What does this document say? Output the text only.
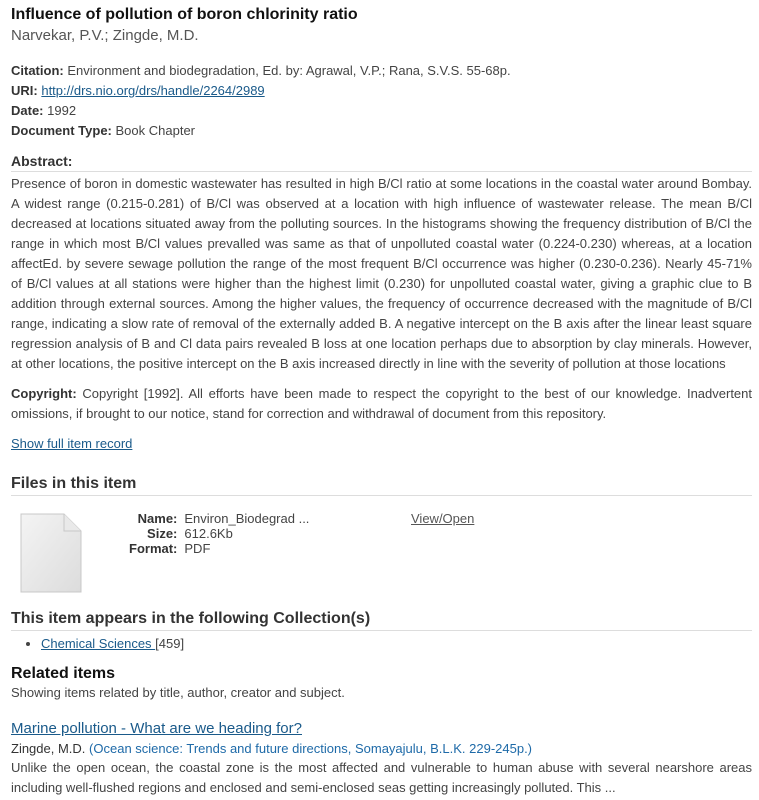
Influence of pollution of boron chlorinity ratio
Narvekar, P.V.; Zingde, M.D.
Citation: Environment and biodegradation, Ed. by: Agrawal, V.P.; Rana, S.V.S. 55-68p.
URI: http://drs.nio.org/drs/handle/2264/2989
Date: 1992
Document Type: Book Chapter
Abstract:

Presence of boron in domestic wastewater has resulted in high B/Cl ratio at some locations in the coastal water around Bombay. A widest range (0.215-0.281) of B/Cl was observed at a location with high influence of wastewater release. The mean B/Cl decreased at locations situated away from the polluting sources. In the histograms showing the frequency distribution of B/Cl the range in which most B/Cl values prevalled was same as that of unpolluted coastal water (0.224-0.230) whereas, at a location affectEd. by severe sewage pollution the range of the most frequent B/Cl occurrence was higher (0.230-0.236). Nearly 45-71% of B/Cl values at all stations were higher than the highest limit (0.230) for unpolluted coastal water, giving a graphic clue to B addition through external sources. Among the higher values, the frequency of occurrence decreased with the magnitude of B/Cl range, indicating a slow rate of removal of the externally added B. A negative intercept on the B axis after the linear least square regression analysis of B and Cl data pairs revealed B loss at one location perhaps due to absorption by clay minerals. However, at other locations, the positive intercept on the B axis increased directly in line with the severity of pollution at those locations

Copyright: Copyright [1992]. All efforts have been made to respect the copyright to the best of our knowledge. Inadvertent omissions, if brought to our notice, stand for correction and withdrawal of document from this repository.

Show full item record
Files in this item
Name:	Environ_Biodegrad ...
Size:	612.6Kb
Format:	PDF
View/Open
This item appears in the following Collection(s)
• Chemical Sciences [459]
Related items
Showing items related by title, author, creator and subject.
Marine pollution - What are we heading for?
Zingde, M.D. (Ocean science: Trends and future directions, Somayajulu, B.L.K. 229-245p.)
Unlike the open ocean, the coastal zone is the most affected and vulnerable to human abuse with several nearshore areas including well-flushed regions and enclosed and semi-enclosed seas getting increasingly polluted. This ...
